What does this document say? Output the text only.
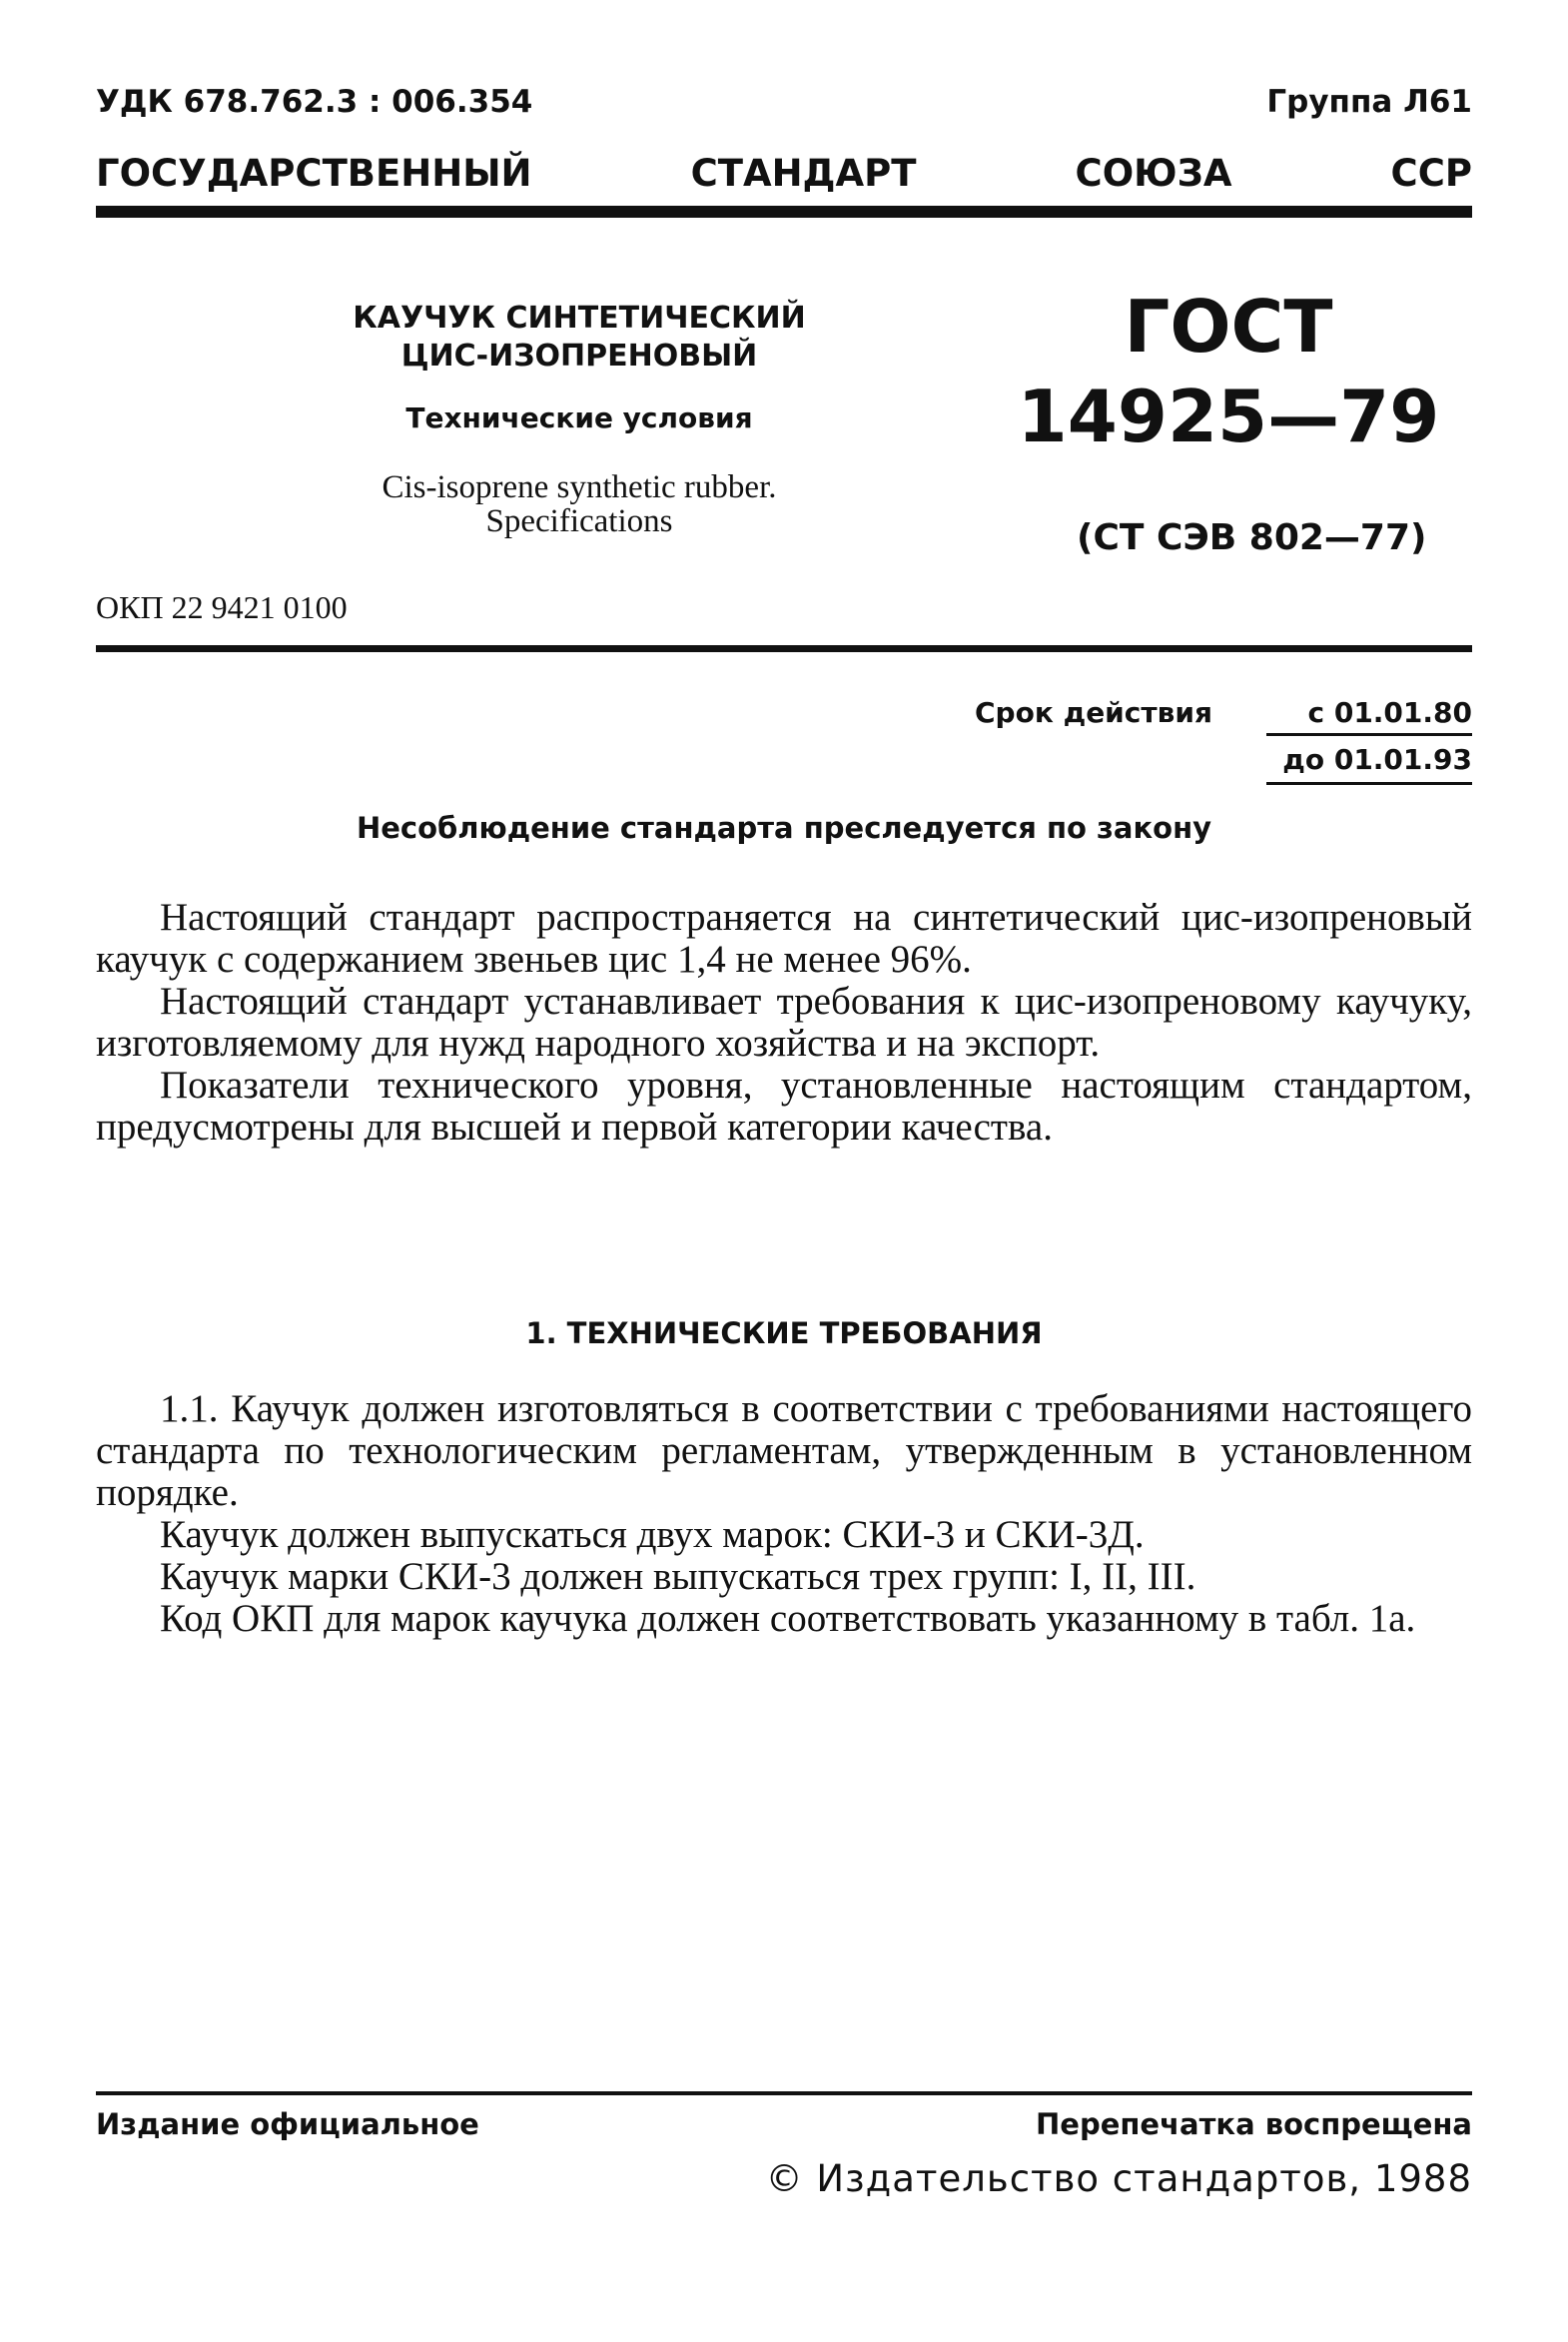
УДК 678.762.3 : 006.354	Группа Л61
ГОСУДАРСТВЕННЫЙ	СТАНДАРТ	СОЮЗА	ССР
КАУЧУК СИНТЕТИЧЕСКИЙ
ЦИС-ИЗОПРЕНОВЫЙ
Технические условия
Cis-isoprene synthetic rubber.
Specifications
ГОСТ
14925—79
(СТ СЭВ 802—77)
ОКП 22 9421 0100
Срок действия	с 01.01.80
до 01.01.93
Несоблюдение стандарта преследуется по закону

Настоящий стандарт распространяется на синтетический цис-изопреновый каучук с содержанием звеньев цис 1,4 не менее 96%.

Настоящий стандарт устанавливает требования к цис-изопреновому каучуку, изготовляемому для нужд народного хозяйства и на экспорт.

Показатели технического уровня, установленные настоящим стандартом, предусмотрены для высшей и первой категории качества.

1. ТЕХНИЧЕСКИЕ ТРЕБОВАНИЯ

1.1. Каучук должен изготовляться в соответствии с требованиями настоящего стандарта по технологическим регламентам, утвержденным в установленном порядке.

Каучук должен выпускаться двух марок: СКИ-3 и СКИ-3Д.

Каучук марки СКИ-3 должен выпускаться трех групп: I, II, III.

Код ОКП для марок каучука должен соответствовать указанному в табл. 1а.

Издание официальное	Перепечатка воспрещена
© Издательство стандартов, 1988
